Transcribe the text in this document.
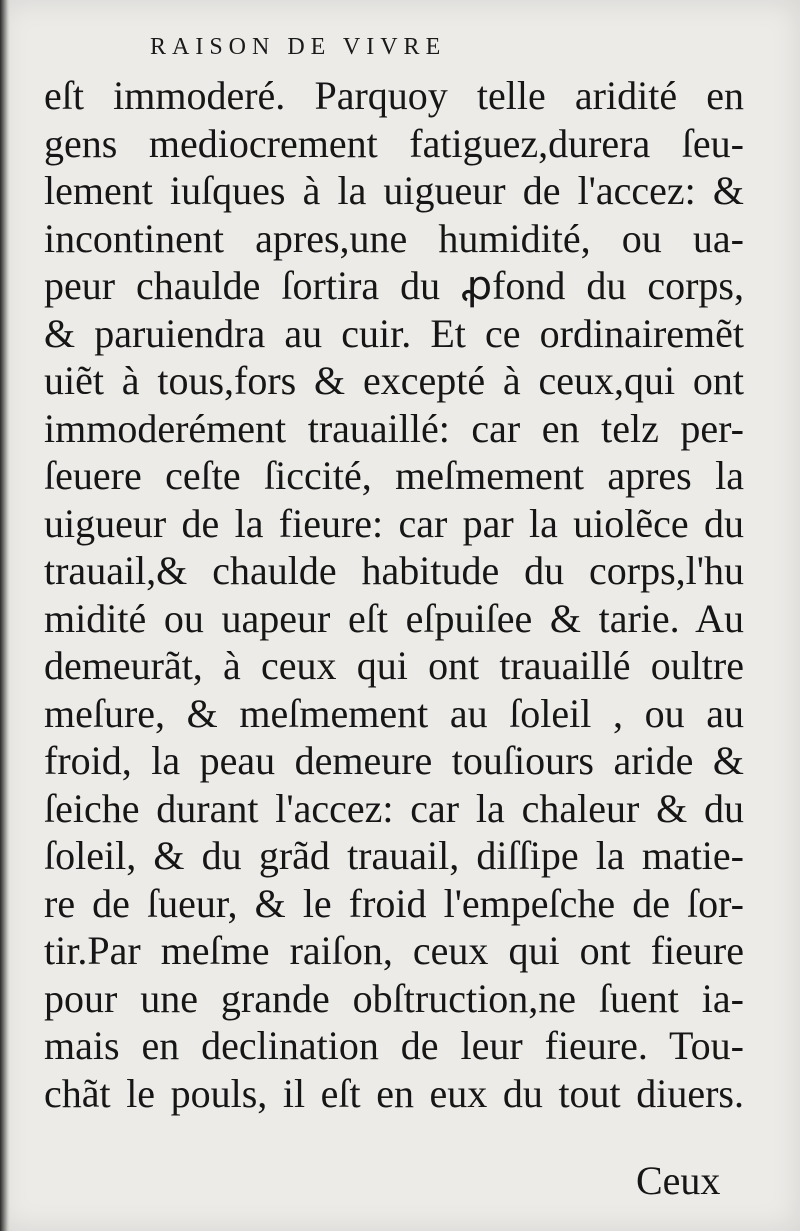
RAISON DE VIVRE
eſt immoderé. Parquoy telle aridité en
gens mediocrement fatiguez,durera ſeu-
lement iuſques à la uigueur de l'accez: &
incontinent apres,une humidité, ou ua-
peur chaulde ſortira du ꝓfond du corps,
& paruiendra au cuir. Et ce ordinairemẽt
uiẽt à tous,fors & excepté à ceux,qui ont
immoderément trauaillé: car en telz per-
ſeuere ceſte ſiccité, meſmement apres la
uigueur de la fieure: car par la uiolẽce du
trauail,& chaulde habitude du corps,l'hu
midité ou uapeur eſt eſpuiſee & tarie. Au
demeurãt, à ceux qui ont trauaillé oultre
meſure, & meſmement au ſoleil , ou au
froid, la peau demeure touſiours aride &
ſeiche durant l'accez: car la chaleur & du
ſoleil, & du grãd trauail, diſſipe la matie-
re de ſueur, & le froid l'empeſche de ſor-
tir.Par meſme raiſon, ceux qui ont fieure
pour une grande obſtruction,ne ſuent ia-
mais en declination de leur fieure. Tou-
chãt le pouls, il eſt en eux du tout diuers.
Ceux
